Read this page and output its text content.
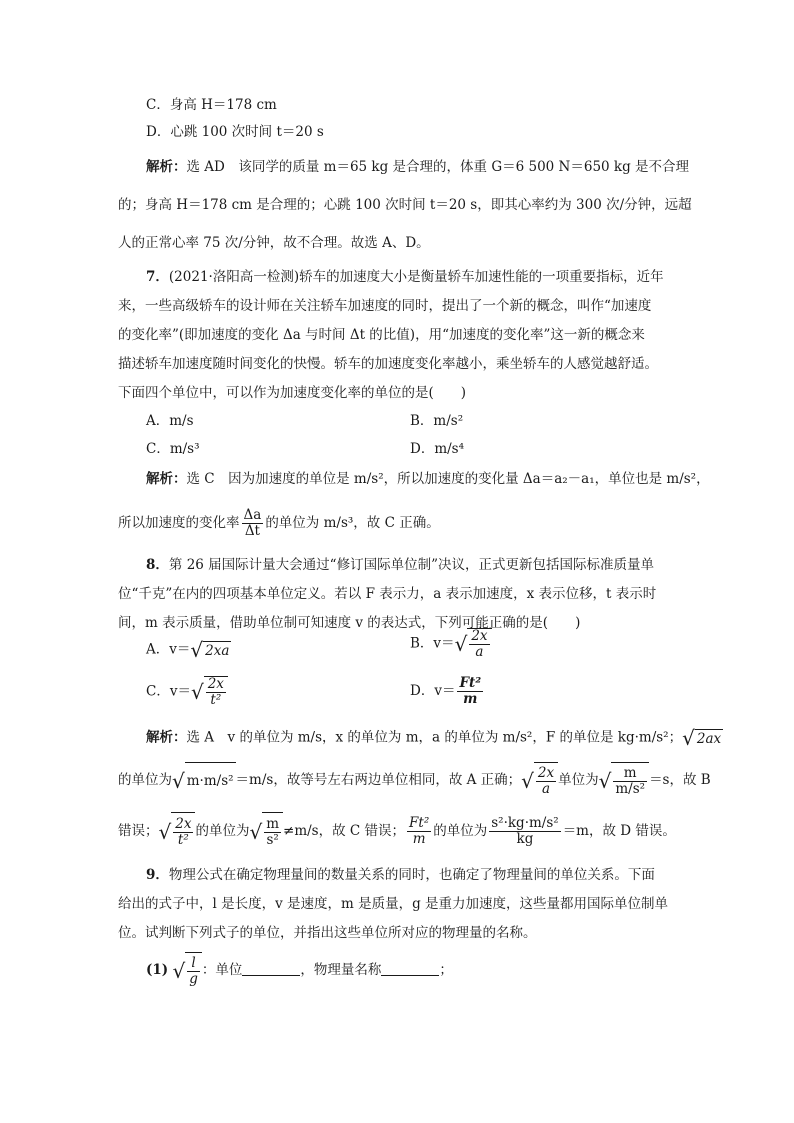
C．身高 H＝178 cm
D．心跳 100 次时间 t＝20 s
解析：选 AD　该同学的质量 m＝65 kg 是合理的，体重 G＝6 500 N＝650 kg 是不合理
的；身高 H＝178 cm 是合理的；心跳 100 次时间 t＝20 s，即其心率约为 300 次/分钟，远超
人的正常心率 75 次/分钟，故不合理。故选 A、D。
7．(2021·洛阳高一检测)轿车的加速度大小是衡量轿车加速性能的一项重要指标，近年
来，一些高级轿车的设计师在关注轿车加速度的同时，提出了一个新的概念，叫作“加速度
的变化率”(即加速度的变化 Δa 与时间 Δt 的比值)，用“加速度的变化率”这一新的概念来
描述轿车加速度随时间变化的快慢。轿车的加速度变化率越小，乘坐轿车的人感觉越舒适。
下面四个单位中，可以作为加速度变化率的单位的是(　　)
A．m/s	B．m/s²
C．m/s³	D．m/s⁴
解析：选 C　因为加速度的单位是 m/s²，所以加速度的变化量 Δa＝a₂－a₁，单位也是 m/s²，
所以加速度的变化率 $\frac{\Delta a}{\Delta t}$ 的单位为 m/s³，故 C 正确。
8．第 26 届国际计量大会通过“修订国际单位制”决议，正式更新包括国际标准质量单
位“千克”在内的四项基本单位定义。若以 F 表示力，a 表示加速度，x 表示位移，t 表示时
间，m 表示质量，借助单位制可知速度 v 的表达式，下列可能正确的是(　　)
A．v＝√ 2xa	B．$v=√ \frac{2x}{a}$
C．$v=√ \frac{2x}{\text{t²}}$	D．$v= \frac{\text{Ft²}}{m}$
解析：选 A　v 的单位为 m/s，x 的单位为 m，a 的单位为 m/s²，F 的单位是 kg·m/s²；√ 2ax
的单位为√ m·m/s² ＝m/s，故等号左右两边单位相同，故 A 正确；√ $\frac{2x}{a}$ 单位为√ $\frac{m}{\text{m/s²}} =s$，故 B
错误；√ $\frac{2x}{\text{t²}}$ 的单位为√ $\frac{m}{\text{s²}} \ne m/s$，故 C 错误； $\frac{\text{Ft²}}{m}$ 的单位为 $\frac{\text{s²·kg·m/s²}}{kg} =m$，故 D 错误。
9．物理公式在确定物理量间的数量关系的同时，也确定了物理量间的单位关系。下面
给出的式子中，l 是长度，v 是速度，m 是质量，g 是重力加速度，这些量都用国际单位制单
位。试判断下列式子的单位，并指出这些单位所对应的物理量的名称。
(1) √ $\frac{l}{g}$ ：单位	，物理量名称	；
